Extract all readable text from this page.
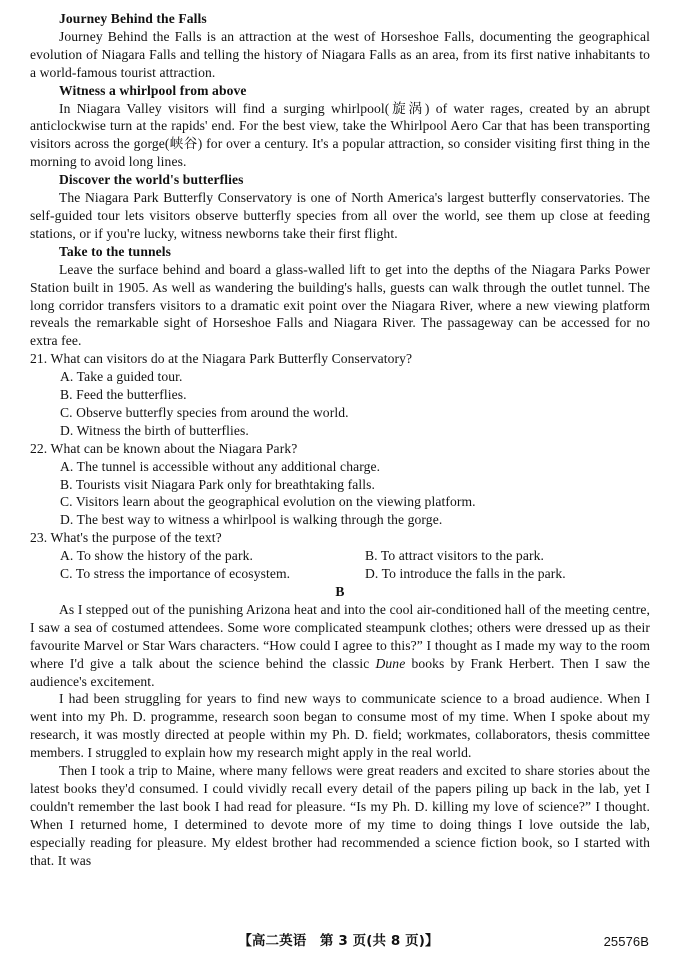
Journey Behind the Falls
Journey Behind the Falls is an attraction at the west of Horseshoe Falls, documenting the geographical evolution of Niagara Falls and telling the history of Niagara Falls as an area, from its first native inhabitants to a world-famous tourist attraction.
Witness a whirlpool from above
In Niagara Valley visitors will find a surging whirlpool(旋涡) of water rages, created by an abrupt anticlockwise turn at the rapids' end. For the best view, take the Whirlpool Aero Car that has been transporting visitors across the gorge(峡谷) for over a century. It's a popular attraction, so consider visiting first thing in the morning to avoid long lines.
Discover the world's butterflies
The Niagara Park Butterfly Conservatory is one of North America's largest butterfly conservatories. The self-guided tour lets visitors observe butterfly species from all over the world, see them up close at feeding stations, or if you're lucky, witness newborns take their first flight.
Take to the tunnels
Leave the surface behind and board a glass-walled lift to get into the depths of the Niagara Parks Power Station built in 1905. As well as wandering the building's halls, guests can walk through the outlet tunnel. The long corridor transfers visitors to a dramatic exit point over the Niagara River, where a new viewing platform reveals the remarkable sight of Horseshoe Falls and Niagara River. The passageway can be accessed for no extra fee.
21. What can visitors do at the Niagara Park Butterfly Conservatory?
A. Take a guided tour.
B. Feed the butterflies.
C. Observe butterfly species from around the world.
D. Witness the birth of butterflies.
22. What can be known about the Niagara Park?
A. The tunnel is accessible without any additional charge.
B. Tourists visit Niagara Park only for breathtaking falls.
C. Visitors learn about the geographical evolution on the viewing platform.
D. The best way to witness a whirlpool is walking through the gorge.
23. What's the purpose of the text?
A. To show the history of the park.	B. To attract visitors to the park.
C. To stress the importance of ecosystem.	D. To introduce the falls in the park.
B
As I stepped out of the punishing Arizona heat and into the cool air-conditioned hall of the meeting centre, I saw a sea of costumed attendees. Some wore complicated steampunk clothes; others were dressed up as their favourite Marvel or Star Wars characters. “How could I agree to this?” I thought as I made my way to the room where I'd give a talk about the science behind the classic Dune books by Frank Herbert. Then I saw the audience's excitement.
I had been struggling for years to find new ways to communicate science to a broad audience. When I went into my Ph. D. programme, research soon began to consume most of my time. When I spoke about my research, it was mostly directed at people within my Ph. D. field; workmates, collaborators, thesis committee members. I struggled to explain how my research might apply in the real world.
Then I took a trip to Maine, where many fellows were great readers and excited to share stories about the latest books they'd consumed. I could vividly recall every detail of the papers piling up back in the lab, yet I couldn't remember the last book I had read for pleasure. “Is my Ph. D. killing my love of science?” I thought. When I returned home, I determined to devote more of my time to doing things I love outside the lab, especially reading for pleasure. My eldest brother had recommended a science fiction book, so I started with that. It was
【高二英语　第 3 页(共 8 页)】	25576B
